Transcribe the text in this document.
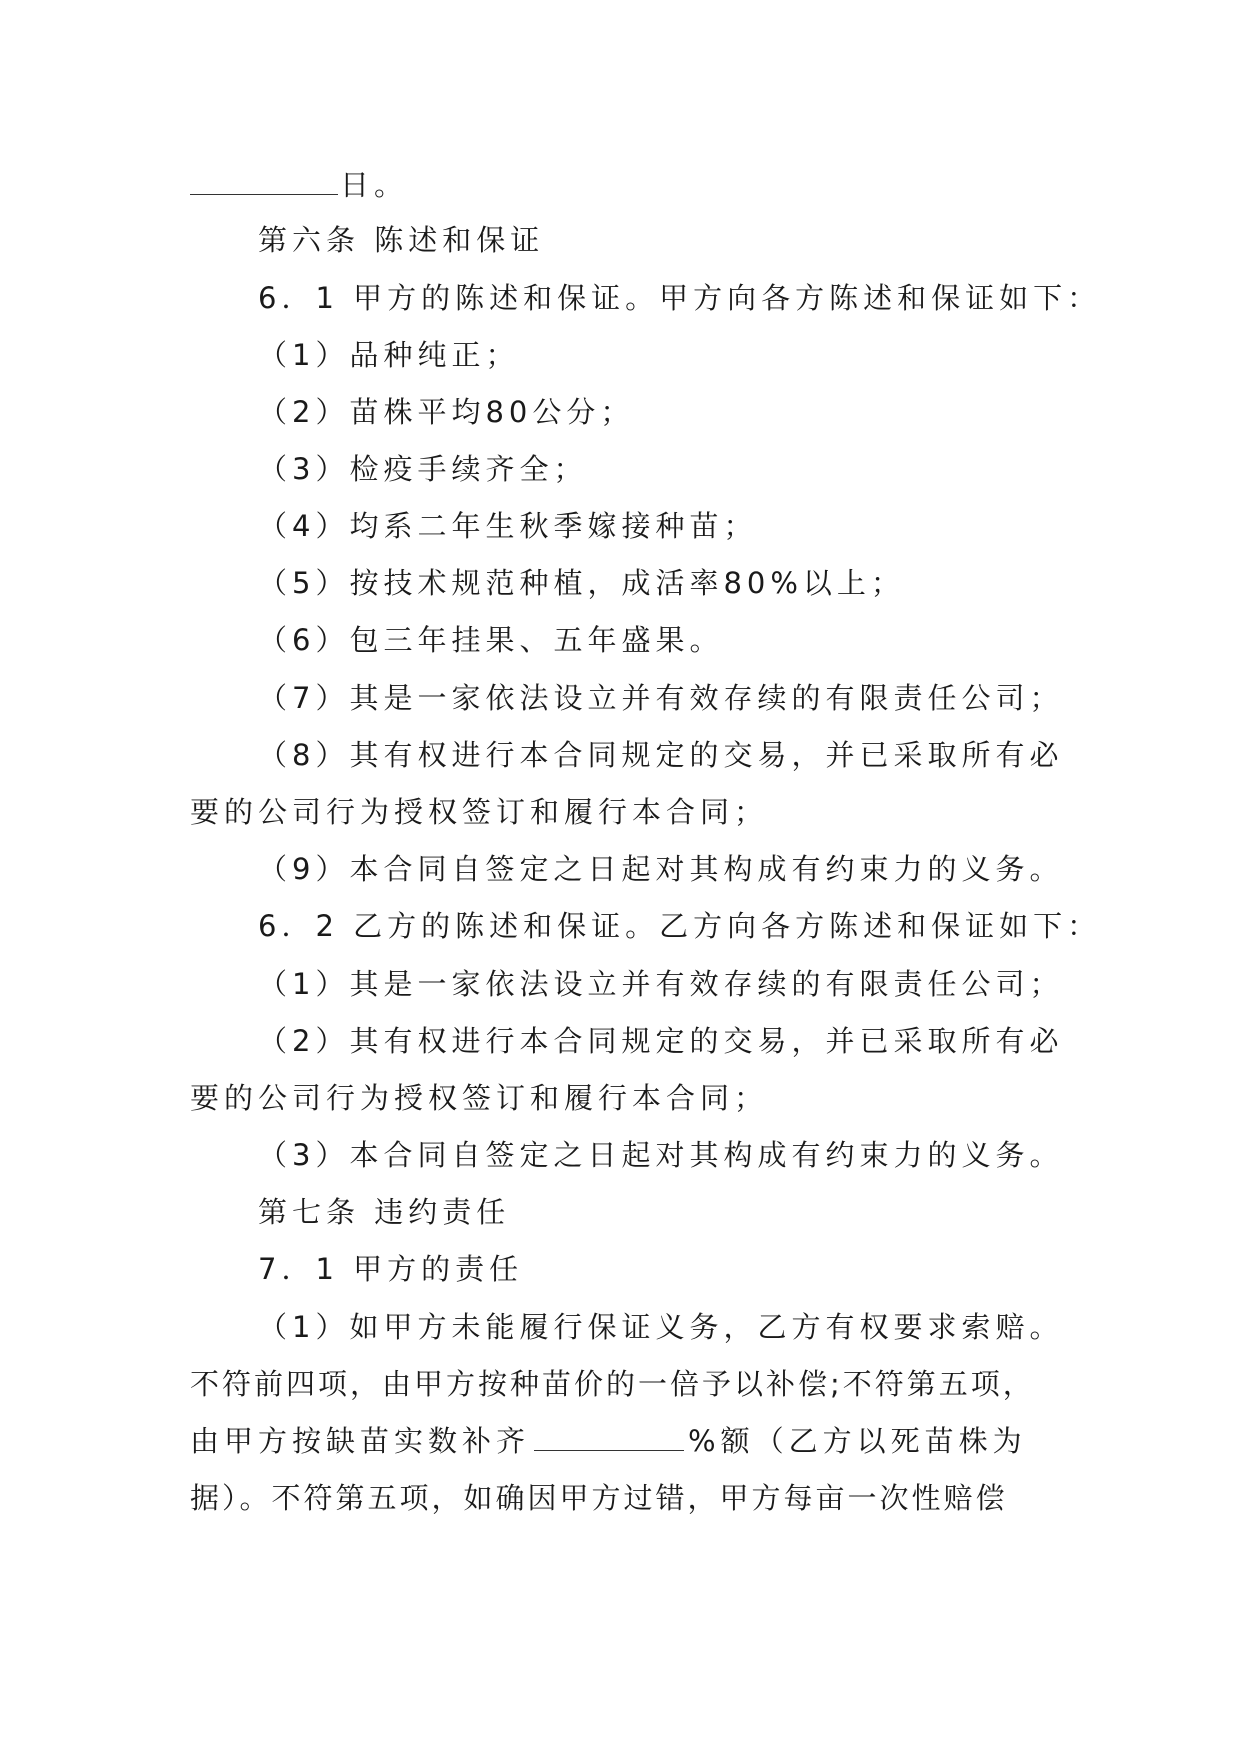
日。
第六条 陈述和保证
6．1 甲方的陈述和保证。甲方向各方陈述和保证如下：
（1）品种纯正；
（2）苗株平均80公分；
（3）检疫手续齐全；
（4）均系二年生秋季嫁接种苗；
（5）按技术规范种植，成活率80%以上；
（6）包三年挂果、五年盛果。
（7）其是一家依法设立并有效存续的有限责任公司；
（8）其有权进行本合同规定的交易，并已采取所有必
要的公司行为授权签订和履行本合同；
（9）本合同自签定之日起对其构成有约束力的义务。
6．2 乙方的陈述和保证。乙方向各方陈述和保证如下：
（1）其是一家依法设立并有效存续的有限责任公司；
（2）其有权进行本合同规定的交易，并已采取所有必
要的公司行为授权签订和履行本合同；
（3）本合同自签定之日起对其构成有约束力的义务。
第七条 违约责任
7．1 甲方的责任
（1）如甲方未能履行保证义务，乙方有权要求索赔。
不符前四项，由甲方按种苗价的一倍予以补偿;不符第五项，
由甲方按缺苗实数补齐	%额（乙方以死苗株为
据）。不符第五项，如确因甲方过错，甲方每亩一次性赔偿
